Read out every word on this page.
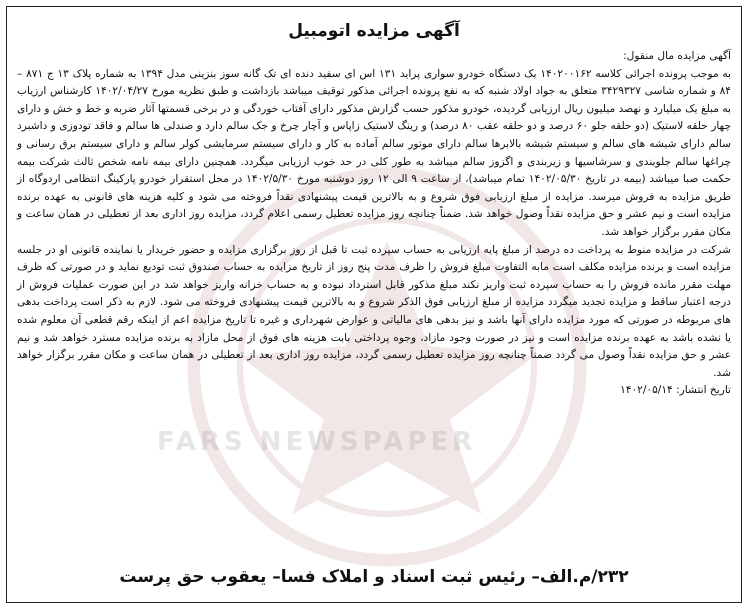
FARS NEWSPAPER
آگهی مزایده اتومبیل

آگهی مزایده مال منقول:

به موجب پرونده اجرائی کلاسه ۱۴۰۲۰۰۱۶۲ یک دستگاه خودرو سواری پراید ۱۳۱ اس ای سفید دنده ای تک گانه سوز بنزینی مدل ۱۳۹۴ به شماره پلاک ۱۳ ج ۸۷۱ – ۸۴ و شماره شاسی ۳۴۲۹۳۲۷ متعلق به جواد اولاد شنبه که به نفع پرونده اجرائی مذکور توقیف میباشد بازداشت و طبق نظریه مورخ ۱۴۰۲/۰۴/۲۷ کارشناس ارزیاب به مبلغ یک میلیارد و نهصد میلیون ریال ارزیابی گردیده، خودرو مذکور حسب گزارش مذکور دارای آفتاب خوردگی و در برخی قسمتها آثار ضربه و خط و خش و دارای چهار حلقه لاستیک (دو حلقه جلو ۶۰ درصد و دو حلقه عقب ۸۰ درصد) و رینگ لاستیک زاپاس و آچار چرخ و جک سالم دارد و صندلی ها سالم و فاقد تودوزی و داشبرد سالم دارای شیشه های سالم و سیستم شیشه بالابرها سالم دارای موتور سالم آماده به کار و دارای سیستم سرمایشی کولر سالم و دارای سیستم برق رسانی و چراغها سالم جلوبندی و سرشاسیها و زیربندی و اگزوز سالم میباشد به طور کلی در حد خوب ارزیابی میگردد. همچنین دارای بیمه نامه شخص ثالث شرکت بیمه حکمت صبا میباشد (بیمه در تاریخ ۱۴۰۲/۰۵/۳۰ تمام میباشد)، از ساعت ۹ الی ۱۲ روز دوشنبه مورخ ۱۴۰۲/۵/۳۰ در محل استقرار خودرو پارکینگ انتظامی اردوگاه از طریق مزایده به فروش میرسد. مزایده از مبلغ ارزیابی فوق شروع و به بالاترین قیمت پیشنهادی نقداً فروخته می شود و کلیه هزینه های قانونی به عهده برنده مزایده است و نیم عشر و حق مزایده نقداً وصول خواهد شد. ضمناً چنانچه روز مزایده تعطیل رسمی اعلام گردد، مزایده روز اداری بعد از تعطیلی در همان ساعت و مکان مقرر برگزار خواهد شد.

شرکت در مزایده منوط به پرداخت ده درصد از مبلغ پایه ارزیابی به حساب سپرده ثبت تا قبل از روز برگزاری مزایده و حضور خریدار یا نماینده قانونی او در جلسه مزایده است و برنده مزایده مکلف است مابه التفاوت مبلغ فروش را ظرف مدت پنج روز از تاریخ مزایده به حساب صندوق ثبت تودیع نماید و در صورتی که ظرف مهلت مقرر مانده فروش را به حساب سپرده ثبت واریز نکند مبلغ مذکور قابل استرداد نبوده و به حساب خزانه واریز خواهد شد در این صورت عملیات فروش از درجه اعتبار ساقط و مزایده تجدید میگردد مزایده از مبلغ ارزیابی فوق الذکر شروع و به بالاترین قیمت پیشنهادی فروخته می شود. لازم به ذکر است پرداخت بدهی های مربوطه در صورتی که مورد مزایده دارای آنها باشد و نیز بدهی های مالیاتی و عوارض شهرداری و غیره تا تاریخ مزایده اعم از اینکه رقم قطعی آن معلوم شده یا نشده باشد به عهده برنده مزایده است و نیز در صورت وجود مازاد، وجوه پرداختی بابت هزینه های فوق از محل مازاد به برنده مزایده مسترد خواهد شد و نیم عشر و حق مزایده نقداً وصول می گردد ضمناً چنانچه روز مزایده تعطیل رسمی گردد، مزایده روز اداری بعد از تعطیلی در همان ساعت و مکان مقرر برگزار خواهد شد.

تاریخ انتشار: ۱۴۰۲/۰۵/۱۴

۲۳۲/م.الف– رئیس ثبت اسناد و املاک فسا– یعقوب حق پرست
